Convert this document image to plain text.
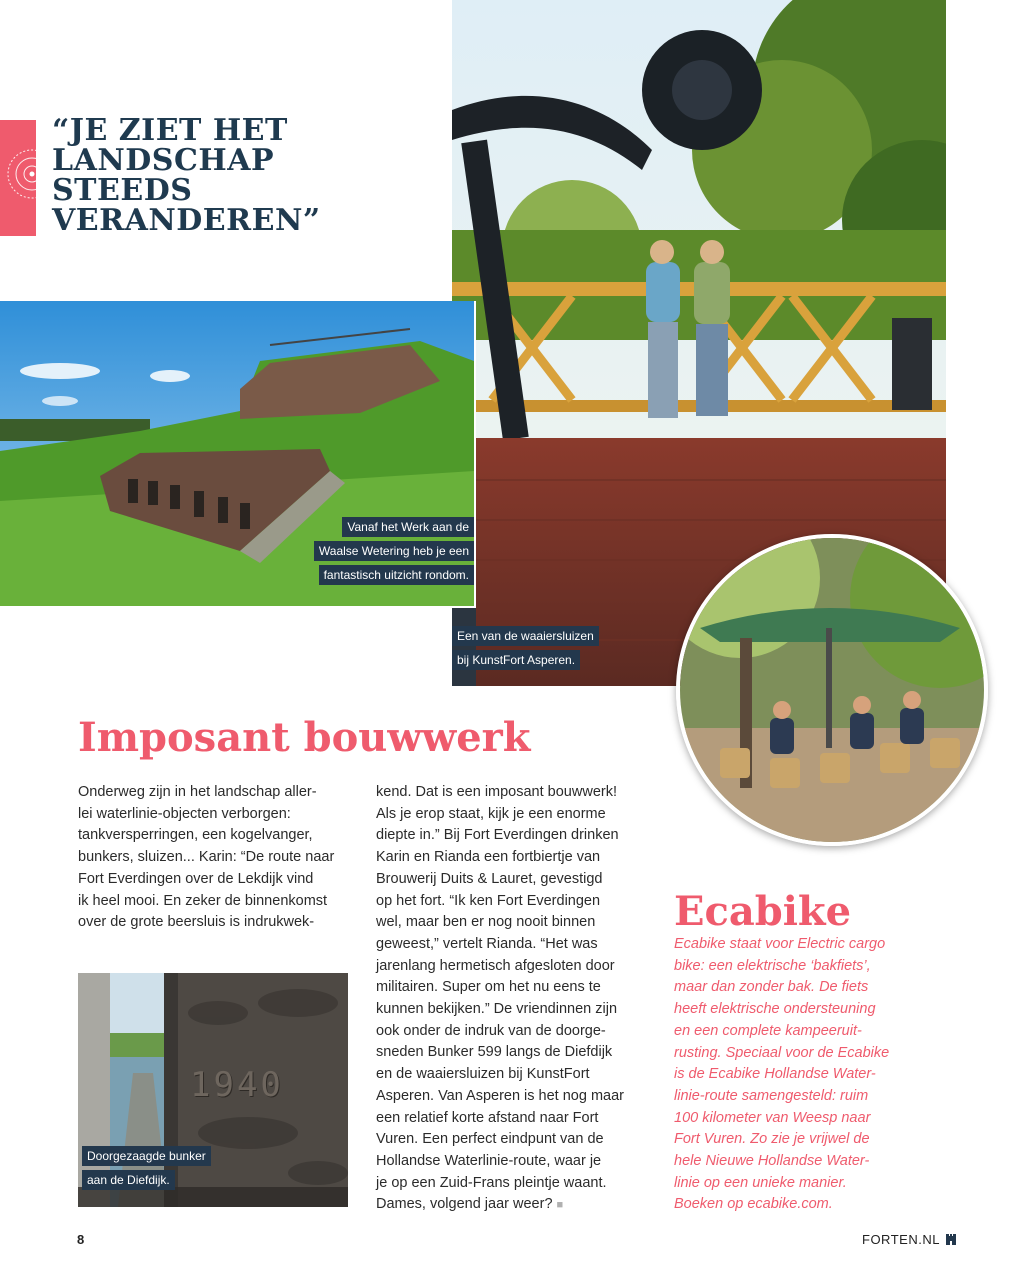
“JE ZIET HET
LANDSCHAP
STEEDS
VERANDEREN”
Een van de waaiersluizen
bij KunstFort Asperen.
Vanaf het Werk aan de
Waalse Wetering heb je een
fantastisch uitzicht rondom.
Imposant bouwwerk
Onderweg zijn in het landschap aller-
lei waterlinie-objecten verborgen:
tankversperringen, een kogelvanger,
bunkers, sluizen... Karin: “De route naar
Fort Everdingen over de Lekdijk vind
ik heel mooi. En zeker de binnenkomst
over de grote beersluis is indrukwek-
kend. Dat is een imposant bouwwerk!
Als je erop staat, kijk je een enorme
diepte in.” Bij Fort Everdingen drinken
Karin en Rianda een fortbiertje van
Brouwerij Duits & Lauret, gevestigd
op het fort. “Ik ken Fort Everdingen
wel, maar ben er nog nooit binnen
geweest,” vertelt Rianda. “Het was
jarenlang hermetisch afgesloten door
militairen. Super om het nu eens te
kunnen bekijken.” De vriendinnen zijn
ook onder de indruk van de doorge-
sneden Bunker 599 langs de Diefdijk
en de waaiersluizen bij KunstFort
Asperen. Van Asperen is het nog maar
een relatief korte afstand naar Fort
Vuren. Een perfect eindpunt van de
Hollandse Waterlinie-route, waar je
je op een Zuid-Frans pleintje waant.
Dames, volgend jaar weer? ■
1940
Doorgezaagde bunker
aan de Diefdijk.
Ecabike
Ecabike staat voor Electric cargo
bike: een elektrische ‘bakfiets’,
maar dan zonder bak. De fiets
heeft elektrische ondersteuning
en een complete kampeeruit-
rusting. Speciaal voor de Ecabike
is de Ecabike Hollandse Water-
linie-route samengesteld: ruim
100 kilometer van Weesp naar
Fort Vuren. Zo zie je vrijwel de
hele Nieuwe Hollandse Water-
linie op een unieke manier.
Boeken op ecabike.com.
8	FORTEN.NL
